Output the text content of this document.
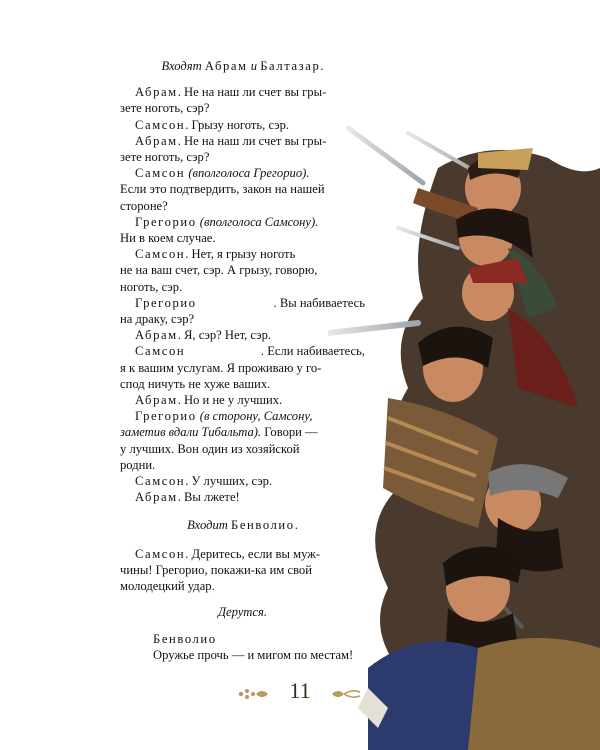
Входят Абрам и Балтазар.

Абрам. Не на наш ли счет вы гры-

зете ноготь, сэр?

Самсон. Грызу ноготь, сэр.

Абрам. Не на наш ли счет вы гры-

зете ноготь, сэр?

Самсон (вполголоса Грегорио).

Если это подтвердить, закон на нашей

стороне?

Грегорио (вполголоса Самсону).

Ни в коем случае.

Самсон. Нет, я грызу ноготь

не на ваш счет, сэр. А грызу, говорю,

ноготь, сэр.

Грегорио	. Вы набиваетесь

на драку, сэр?

Абрам. Я, сэр? Нет, сэр.

Самсон	. Если набиваетесь,

я к вашим услугам. Я проживаю у го-

спод ничуть не хуже ваших.

Абрам. Но и не у лучших.

Грегорио (в сторону, Самсону,

заметив вдали Тибальта). Говори —

у лучших. Вон один из хозяйской

родни.

Самсон. У лучших, сэр.

Абрам. Вы лжете!

Входит Бенволио.

Самсон. Деритесь, если вы муж-

чины! Грегорио, покажи-ка им свой

молодецкий удар.

Дерутся.

Бенволио

Оружье прочь — и мигом по местам!

11
